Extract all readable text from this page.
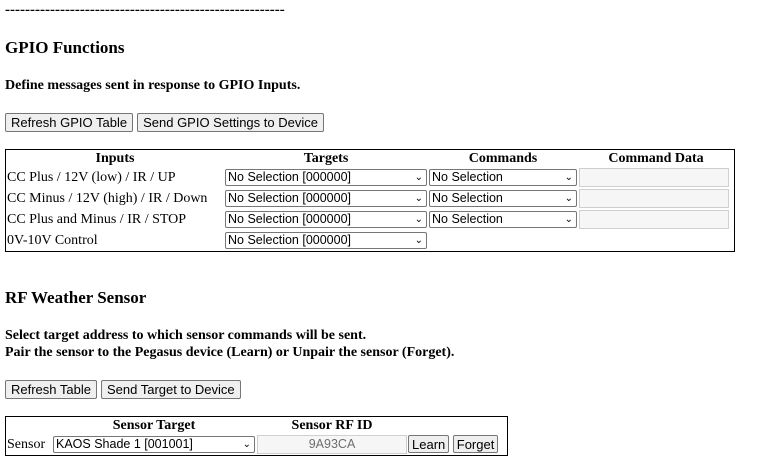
--------------------------------------------------------
GPIO Functions

Define messages sent in response to GPIO Inputs.

Refresh GPIO Table	Send GPIO Settings to Device
Inputs	Targets	Commands	Command Data
CC Plus / 12V (low) / IR / UP	No Selection [000000] ⌄	No Selection ⌄	

CC Minus / 12V (high) / IR / Down	No Selection [000000] ⌄	No Selection ⌄	

CC Plus and Minus / IR / STOP	No Selection [000000] ⌄	No Selection ⌄	

0V-10V Control	No Selection [000000] ⌄		

RF Weather Sensor

Select target address to which sensor commands will be sent.

Pair the sensor to the Pegasus device (Learn) or Unpair the sensor (Forget).

Refresh Table	Send Target to Device
	Sensor Target	Sensor RF ID	
Sensor	KAOS Shade 1 [001001] ⌄	9A93CA	Learn Forget
